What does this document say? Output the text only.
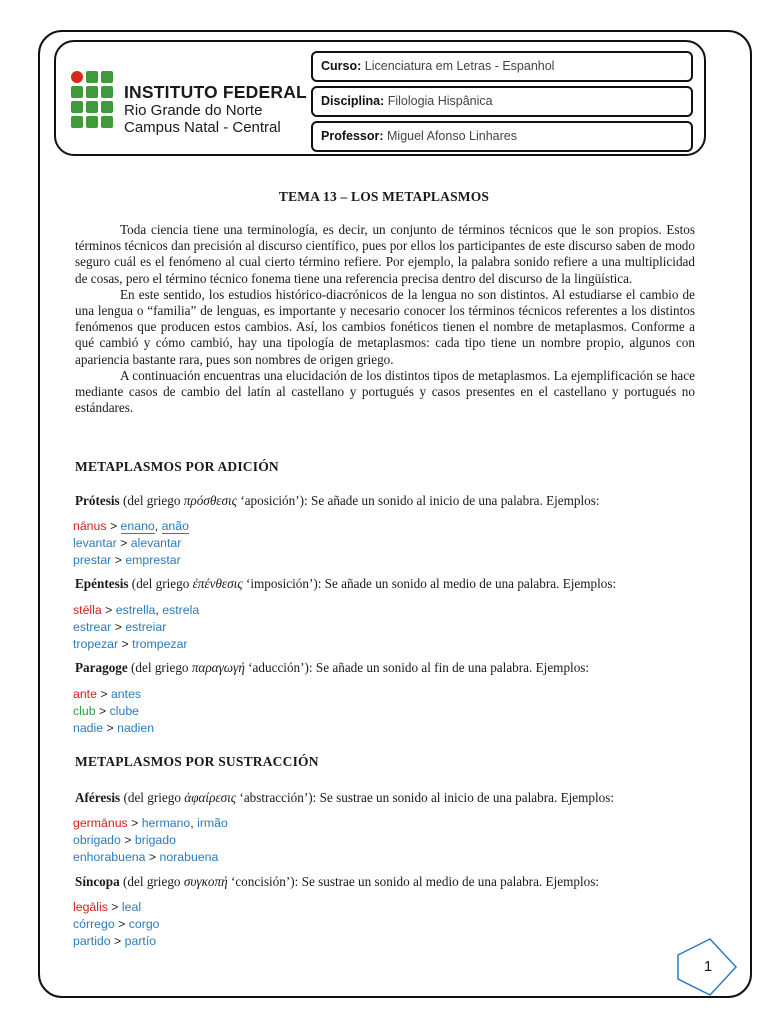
INSTITUTO FEDERAL
Rio Grande do Norte
Campus Natal - Central
Curso: Licenciatura em Letras - Espanhol
Disciplina: Filologia Hispânica
Professor: Miguel Afonso Linhares
TEMA 13 – LOS METAPLASMOS

Toda ciencia tiene una terminología, es decir, un conjunto de términos técnicos que le son propios. Estos términos técnicos dan precisión al discurso científico, pues por ellos los participantes de este discurso saben de modo seguro cuál es el fenómeno al cual cierto término refiere. Por ejemplo, la palabra sonido refiere a una multiplicidad de cosas, pero el término técnico fonema tiene una referencia precisa dentro del discurso de la lingüística.

En este sentido, los estudios histórico-diacrónicos de la lengua no son distintos. Al estudiarse el cambio de una lengua o “familia” de lenguas, es importante y necesario conocer los términos técnicos referentes a los distintos fenómenos que producen estos cambios. Así, los cambios fonéticos tienen el nombre de metaplasmos. Conforme a qué cambió y cómo cambió, hay una tipología de metaplasmos: cada tipo tiene un nombre propio, algunos con apariencia bastante rara, pues son nombres de origen griego.

A continuación encuentras una elucidación de los distintos tipos de metaplasmos. La ejemplificación se hace mediante casos de cambio del latín al castellano y portugués y casos presentes en el castellano y portugués no estándares.

METAPLASMOS POR ADICIÓN
Prótesis (del griego πρόσθεσις ‘aposición’): Se añade un sonido al inicio de una palabra. Ejemplos:
nānus > enano, anão
levantar > alevantar
prestar > emprestar
Epéntesis (del griego ἐπένθεσις ‘imposición’): Se añade un sonido al medio de una palabra. Ejemplos:
stēlla > estrella, estrela
estrear > estreiar
tropezar > trompezar
Paragoge (del griego παραγωγή ‘aducción’): Se añade un sonido al fin de una palabra. Ejemplos:
ante > antes
club > clube
nadie > nadien
METAPLASMOS POR SUSTRACCIÓN
Aféresis (del griego ἀφαίρεσις ‘abstracción’): Se sustrae un sonido al inicio de una palabra. Ejemplos:
germānus > hermano, irmão
obrigado > brigado
enhorabuena > norabuena
Síncopa (del griego συγκοπή ‘concisión’): Se sustrae un sonido al medio de una palabra. Ejemplos:
legālis > leal
córrego > corgo
partido > partío
1
